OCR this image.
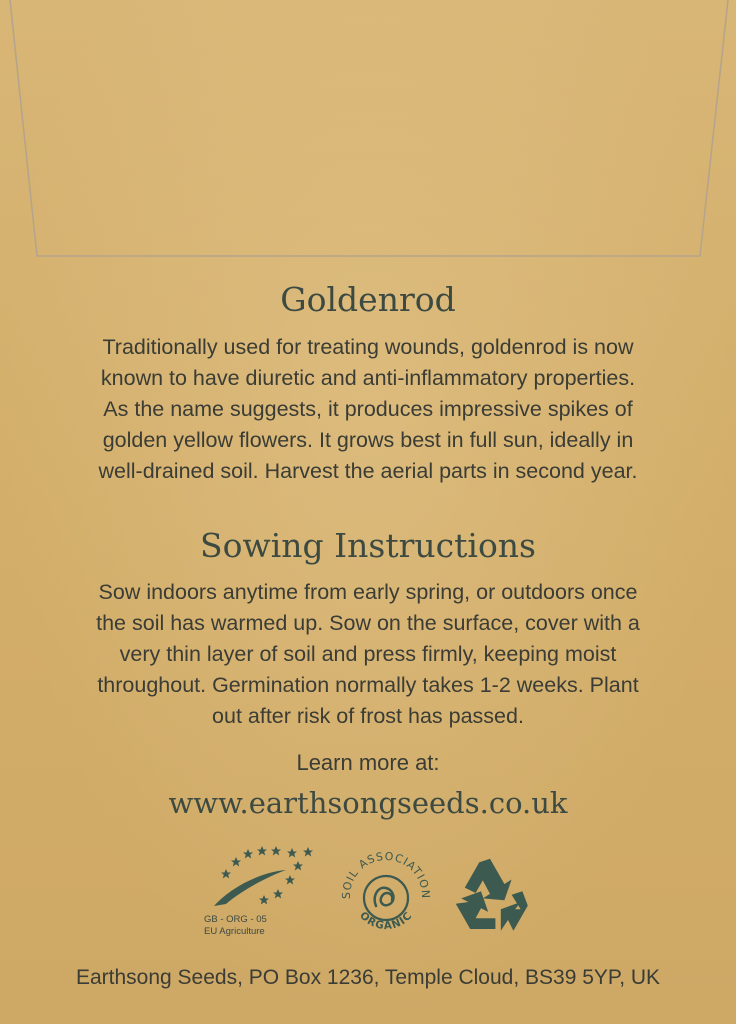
Goldenrod

Traditionally used for treating wounds, goldenrod is now

known to have diuretic and anti-inflammatory properties.

As the name suggests, it produces impressive spikes of

golden yellow flowers. It grows best in full sun, ideally in

well-drained soil. Harvest the aerial parts in second year.

Sowing Instructions

Sow indoors anytime from early spring, or outdoors once

the soil has warmed up. Sow on the surface, cover with a

very thin layer of soil and press firmly, keeping moist

throughout. Germination normally takes 1-2 weeks. Plant

out after risk of frost has passed.

Learn more at:
www.earthsongseeds.co.uk
GB - ORG - 05
EU Agriculture
SOIL ASSOCIATION
ORGANIC
Earthsong Seeds, PO Box 1236, Temple Cloud, BS39 5YP, UK
